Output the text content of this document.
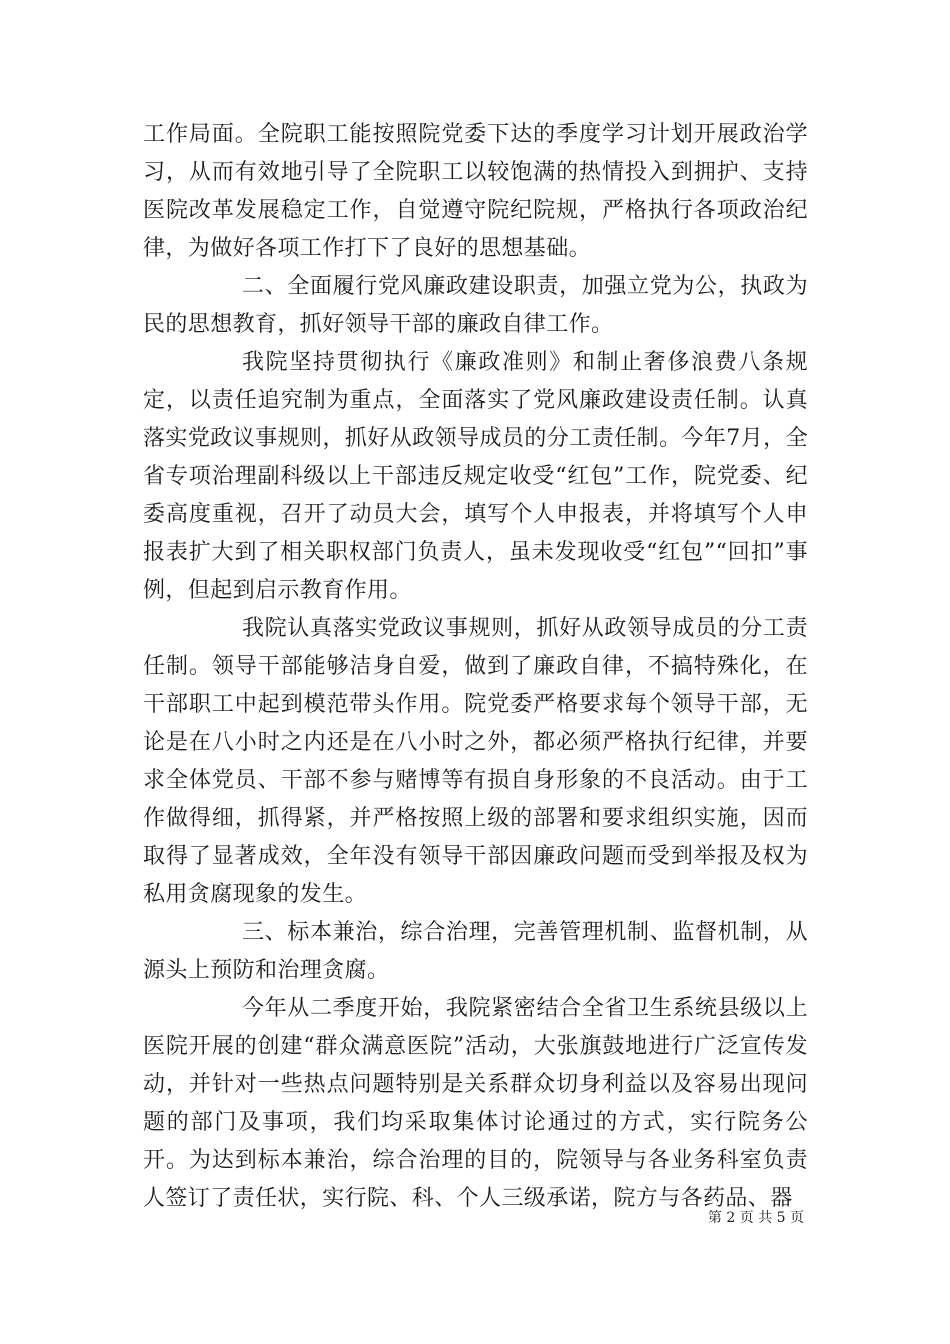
工作局面。全院职工能按照院党委下达的季度学习计划开展政治学习，从而有效地引导了全院职工以较饱满的热情投入到拥护、支持医院改革发展稳定工作，自觉遵守院纪院规，严格执行各项政治纪律，为做好各项工作打下了良好的思想基础。

二、全面履行党风廉政建设职责，加强立党为公，执政为民的思想教育，抓好领导干部的廉政自律工作。

我院坚持贯彻执行《廉政准则》和制止奢侈浪费八条规定，以责任追究制为重点，全面落实了党风廉政建设责任制。认真落实党政议事规则，抓好从政领导成员的分工责任制。今年7月，全省专项治理副科级以上干部违反规定收受“红包”工作，院党委、纪委高度重视，召开了动员大会，填写个人申报表，并将填写个人申报表扩大到了相关职权部门负责人，虽未发现收受“红包”“回扣”事例，但起到启示教育作用。

我院认真落实党政议事规则，抓好从政领导成员的分工责任制。领导干部能够洁身自爱，做到了廉政自律，不搞特殊化，在干部职工中起到模范带头作用。院党委严格要求每个领导干部，无论是在八小时之内还是在八小时之外，都必须严格执行纪律，并要求全体党员、干部不参与赌博等有损自身形象的不良活动。由于工作做得细，抓得紧，并严格按照上级的部署和要求组织实施，因而取得了显著成效，全年没有领导干部因廉政问题而受到举报及权为私用贪腐现象的发生。

三、标本兼治，综合治理，完善管理机制、监督机制，从源头上预防和治理贪腐。

今年从二季度开始，我院紧密结合全省卫生系统县级以上医院开展的创建“群众满意医院”活动，大张旗鼓地进行广泛宣传发动，并针对一些热点问题特别是关系群众切身利益以及容易出现问题的部门及事项，我们均采取集体讨论通过的方式，实行院务公开。为达到标本兼治，综合治理的目的，院领导与各业务科室负责人签订了责任状，实行院、科、个人三级承诺，院方与各药品、器

第 2 页 共 5 页
